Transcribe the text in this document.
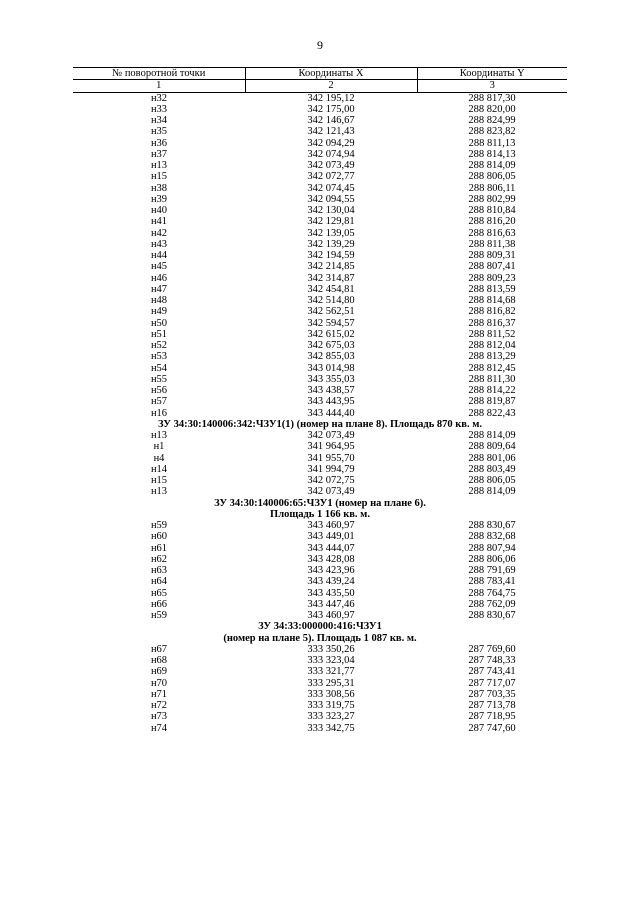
9
№ поворотной точки	Координаты X	Координаты Y
1	2	3
н32	342 195,12	288 817,30
н33	342 175,00	288 820,00
н34	342 146,67	288 824,99
н35	342 121,43	288 823,82
н36	342 094,29	288 811,13
н37	342 074,94	288 814,13
н13	342 073,49	288 814,09
н15	342 072,77	288 806,05
н38	342 074,45	288 806,11
н39	342 094,55	288 802,99
н40	342 130,04	288 810,84
н41	342 129,81	288 816,20
н42	342 139,05	288 816,63
н43	342 139,29	288 811,38
н44	342 194,59	288 809,31
н45	342 214,85	288 807,41
н46	342 314,87	288 809,23
н47	342 454,81	288 813,59
н48	342 514,80	288 814,68
н49	342 562,51	288 816,82
н50	342 594,57	288 816,37
н51	342 615,02	288 811,52
н52	342 675,03	288 812,04
н53	342 855,03	288 813,29
н54	343 014,98	288 812,45
н55	343 355,03	288 811,30
н56	343 438,57	288 814,22
н57	343 443,95	288 819,87
н16	343 444,40	288 822,43
ЗУ 34:30:140006:342:ЧЗУ1(1) (номер на плане 8). Площадь 870 кв. м.		
н13	342 073,49	288 814,09
н1	341 964,95	288 809,64
н4	341 955,70	288 801,06
н14	341 994,79	288 803,49
н15	342 072,75	288 806,05
н13	342 073,49	288 814,09
ЗУ 34:30:140006:65:ЧЗУ1 (номер на плане 6).		
Площадь 1 166 кв. м.		
н59	343 460,97	288 830,67
н60	343 449,01	288 832,68
н61	343 444,07	288 807,94
н62	343 428,08	288 806,06
н63	343 423,96	288 791,69
н64	343 439,24	288 783,41
н65	343 435,50	288 764,75
н66	343 447,46	288 762,09
н59	343 460,97	288 830,67
ЗУ 34:33:000000:416:ЧЗУ1		
(номер на плане 5). Площадь 1 087 кв. м.		
н67	333 350,26	287 769,60
н68	333 323,04	287 748,33
н69	333 321,77	287 743,41
н70	333 295,31	287 717,07
н71	333 308,56	287 703,35
н72	333 319,75	287 713,78
н73	333 323,27	287 718,95
н74	333 342,75	287 747,60
